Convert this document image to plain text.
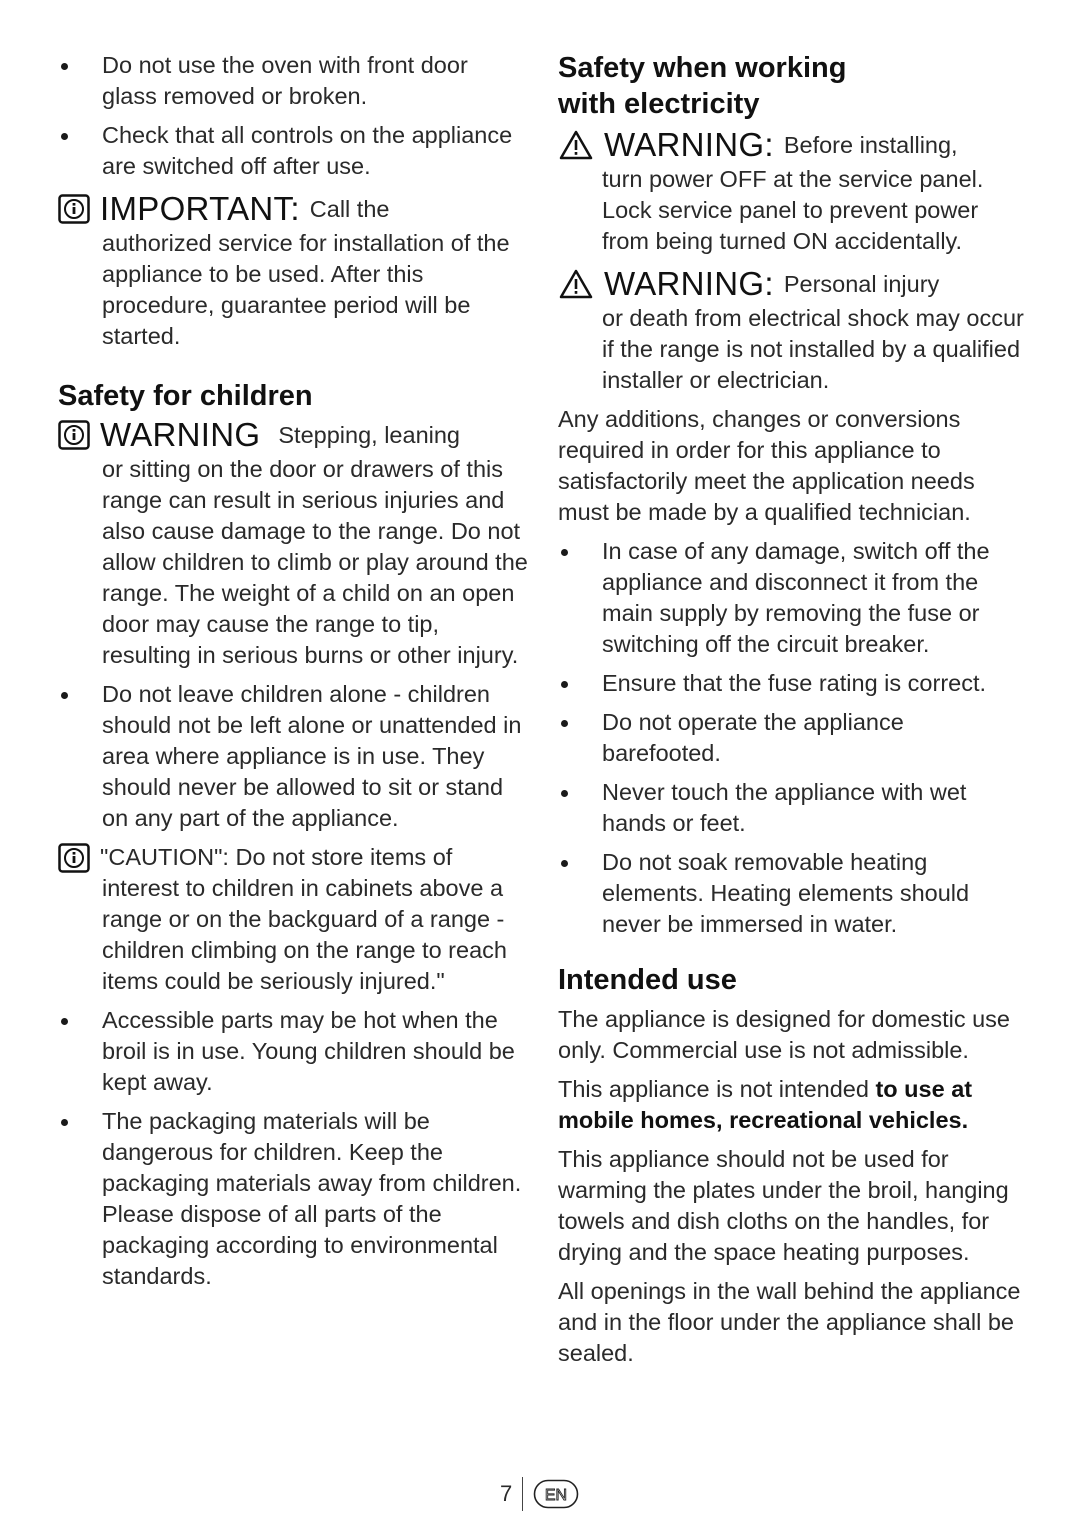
Do not use the oven with front door glass removed or broken.
Check that all controls on the appliance are switched off after use.
IMPORTANT: Call the

authorized service for installation of the appliance to be used. After this procedure, guarantee period will be started.

Safety for children
WARNING Stepping, leaning

or sitting on the door or drawers of this range can result in serious injuries and also cause damage to the range. Do not allow children to climb or play around the range. The weight of a child on an open door may cause the range to tip, resulting in serious burns or other injury.

Do not leave children alone - children should not be left alone or unattended in area where appliance is in use. They should never be allowed to sit or stand on any part of the appliance.
"CAUTION": Do not store items of

interest to children in cabinets above a range or on the backguard of a range - children climbing on the range to reach items could be seriously injured."

Accessible parts may be hot when the broil is in use. Young children should be kept away.
The packaging materials will be dangerous for children. Keep the packaging materials away from children. Please dispose of all parts of the packaging according to environmental standards.
Safety when working with electricity
WARNING: Before installing,

turn power OFF at the service panel. Lock service panel to prevent power from being turned ON accidentally.

WARNING: Personal injury

or death from electrical shock may occur if the range is not installed by a qualified installer or electrician.

Any additions, changes or conversions required in order for this appliance to satisfactorily meet the application needs must be made by a qualified technician.

In case of any damage, switch off the appliance and disconnect it from the main supply by removing the fuse or switching off the circuit breaker.
Ensure that the fuse rating is correct.
Do not operate the appliance barefooted.
Never touch the appliance with wet hands or feet.
Do not soak removable heating elements. Heating elements should never be immersed in water.
Intended use

The appliance is designed for domestic use only. Commercial use is not admissible.

This appliance is not intended to use at mobile homes, recreational vehicles.

This appliance should not be used for warming the plates under the broil, hanging towels and dish cloths on the handles, for drying and the space heating purposes.

All openings in the wall behind the appliance and in the floor under the appliance shall be sealed.

7 EN
